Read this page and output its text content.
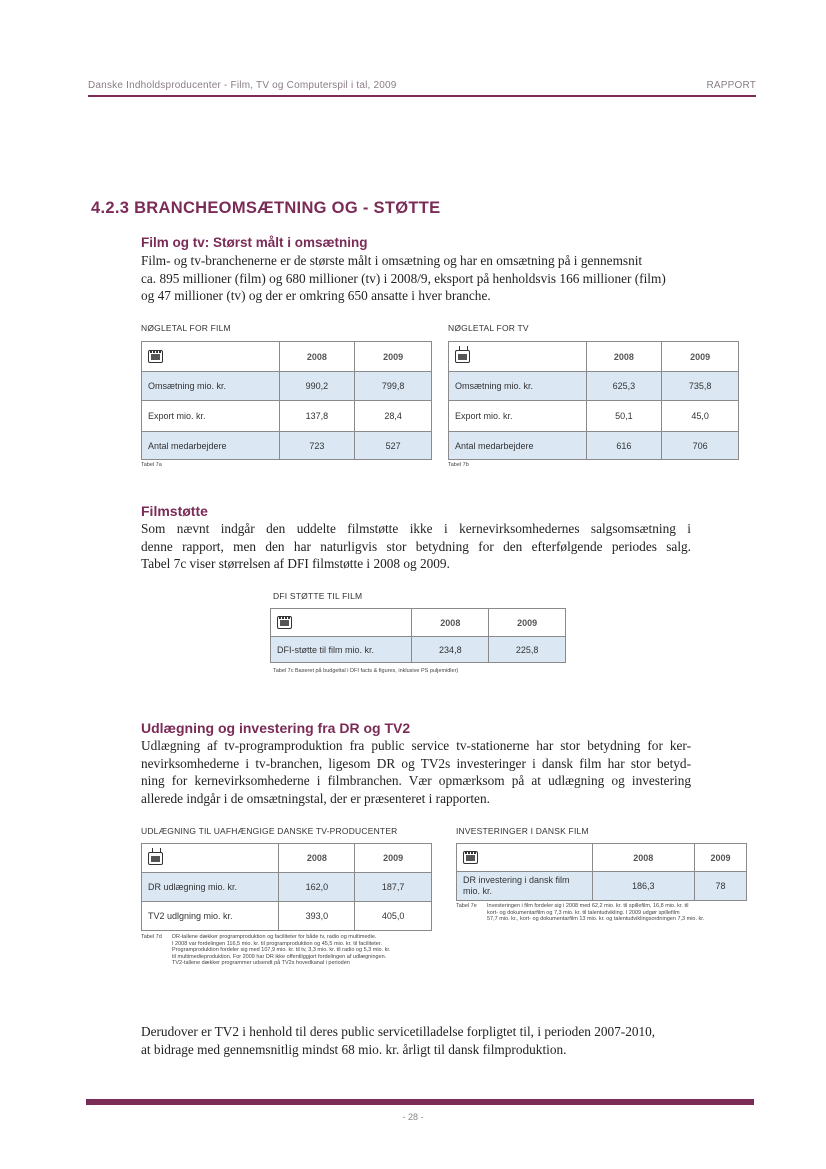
Danske Indholdsproducenter - Film, TV og Computerspil i tal, 2009	RAPPORT
4.2.3 BRANCHEOMSÆTNING OG - STØTTE
Film og tv: Størst målt i omsætning
Film- og tv-branchenerne er de største målt i omsætning og har en omsætning på i gennemsnit
ca. 895 millioner (film) og 680 millioner (tv) i 2008/9, eksport på henholdsvis 166 millioner (film)
og 47 millioner (tv) og der er omkring 650 ansatte i hver branche.
NØGLETAL FOR FILM
	2008	2009
Omsætning mio. kr.	990,2	799,8
Export mio. kr.	137,8	28,4
Antal medarbejdere	723	527
Tabel 7a
NØGLETAL FOR TV
	2008	2009
Omsætning mio. kr.	625,3	735,8
Export mio. kr.	50,1	45,0
Antal medarbejdere	616	706
Tabel 7b
Filmstøtte
Som nævnt indgår den uddelte filmstøtte ikke i kernevirksomhedernes salgsomsætning i
denne rapport, men den har naturligvis stor betydning for den efterfølgende periodes salg.
Tabel 7c viser størrelsen af DFI filmstøtte i 2008 og 2009.
DFI STØTTE TIL FILM
	2008	2009
DFI-støtte til film mio. kr.	234,8	225,8
Tabel 7c Baseret på budgettal i DFI facts & figures, inklusive PS puljemidler)
Udlægning og investering fra DR og TV2
Udlægning af tv-programproduktion fra public service tv-stationerne har stor betydning for ker-
nevirksomhederne i tv-branchen, ligesom DR og TV2s investeringer i dansk film har stor betyd-
ning for kernevirksomhederne i filmbranchen. Vær opmærksom på at udlægning og investering
allerede indgår i de omsætningstal, der er præsenteret i rapporten.
UDLÆGNING TIL UAFHÆNGIGE DANSKE TV-PRODUCENTER
	2008	2009
DR udlægning mio. kr.	162,0	187,7
TV2 udlgning mio. kr.	393,0	405,0
Tabel 7d DR-tallene dækker programproduktion og faciliteter for både tv, radio og multimedie.
I 2008 var fordelingen 116,5 mio. kr. til programproduktion og 45,5 mio. kr. til faciliteter.
Programproduktion fordeler sig med 107,9 mio. kr. til tv, 3,3 mio. kr. til radio og 5,3 mio. kr.
til multimedieproduktion. For 2009 har DR ikke offentliggjort fordelingen af udlægningen.
TV2-tallene dækker programmer udsendt på TV2s hovedkanal i perioden
INVESTERINGER I DANSK FILM
	2008	2009
DR investering i dansk film mio. kr.	186,3	78
Tabel 7e Investeringen i film fordeler sig i 2008 med 62,2 mio. kr. til spillefilm, 16,8 mio. kr. til
kort- og dokumentarfilm og 7,3 mio. kr. til talentudvikling. I 2009 udgør spillefilm
57,7 mio. kr., kort- og dokumentarfilm 13 mio. kr. og talentudviklingsordningen 7,3 mio. kr.
Derudover er TV2 i henhold til deres public servicetilladelse forpligtet til, i perioden 2007-2010,
at bidrage med gennemsnitlig mindst 68 mio. kr. årligt til dansk filmproduktion.
- 28 -
